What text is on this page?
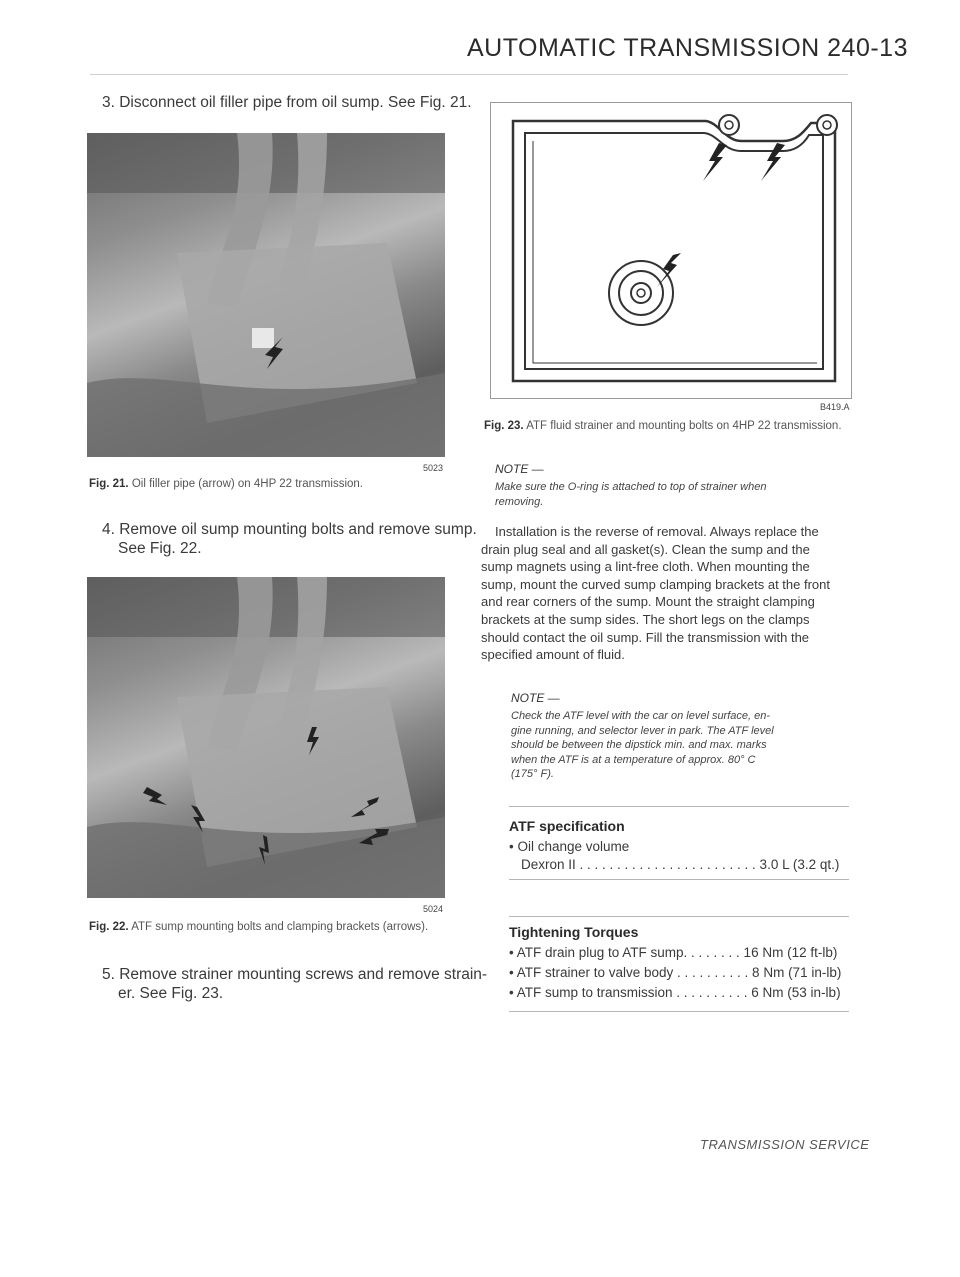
AUTOMATIC TRANSMISSION 240-13
3. Disconnect oil filler pipe from oil sump. See Fig. 21.
5023
Fig. 21. Oil filler pipe (arrow) on 4HP 22 transmission.
4. Remove oil sump mounting bolts and remove sump.
See Fig. 22.
5024
Fig. 22. ATF sump mounting bolts and clamping brackets (arrows).
5. Remove strainer mounting screws and remove strain-
er. See Fig. 23.
B419.A
Fig. 23. ATF fluid strainer and mounting bolts on 4HP 22 transmission.
NOTE —
Make sure the O-ring is attached to top of strainer when
removing.
Installation is the reverse of removal. Always replace the
drain plug seal and all gasket(s). Clean the sump and the
sump magnets using a lint-free cloth. When mounting the
sump, mount the curved sump clamping brackets at the front
and rear corners of the sump. Mount the straight clamping
brackets at the sump sides. The short legs on the clamps
should contact the oil sump. Fill the transmission with the
specified amount of fluid.
NOTE —
Check the ATF level with the car on level surface, en-
gine running, and selector lever in park. The ATF level
should be between the dipstick min. and max. marks
when the ATF is at a temperature of approx. 80° C
(175° F).
ATF specification
• Oil change volume
Dexron II . . . . . . . . . . . . . . . . . . . . . . . . 3.0 L (3.2 qt.)
Tightening Torques
• ATF drain plug to ATF sump. . . . . . . . 16 Nm (12 ft-lb)
• ATF strainer to valve body . . . . . . . . . . 8 Nm (71 in-lb)
• ATF sump to transmission . . . . . . . . . . 6 Nm (53 in-lb)
TRANSMISSION SERVICE
